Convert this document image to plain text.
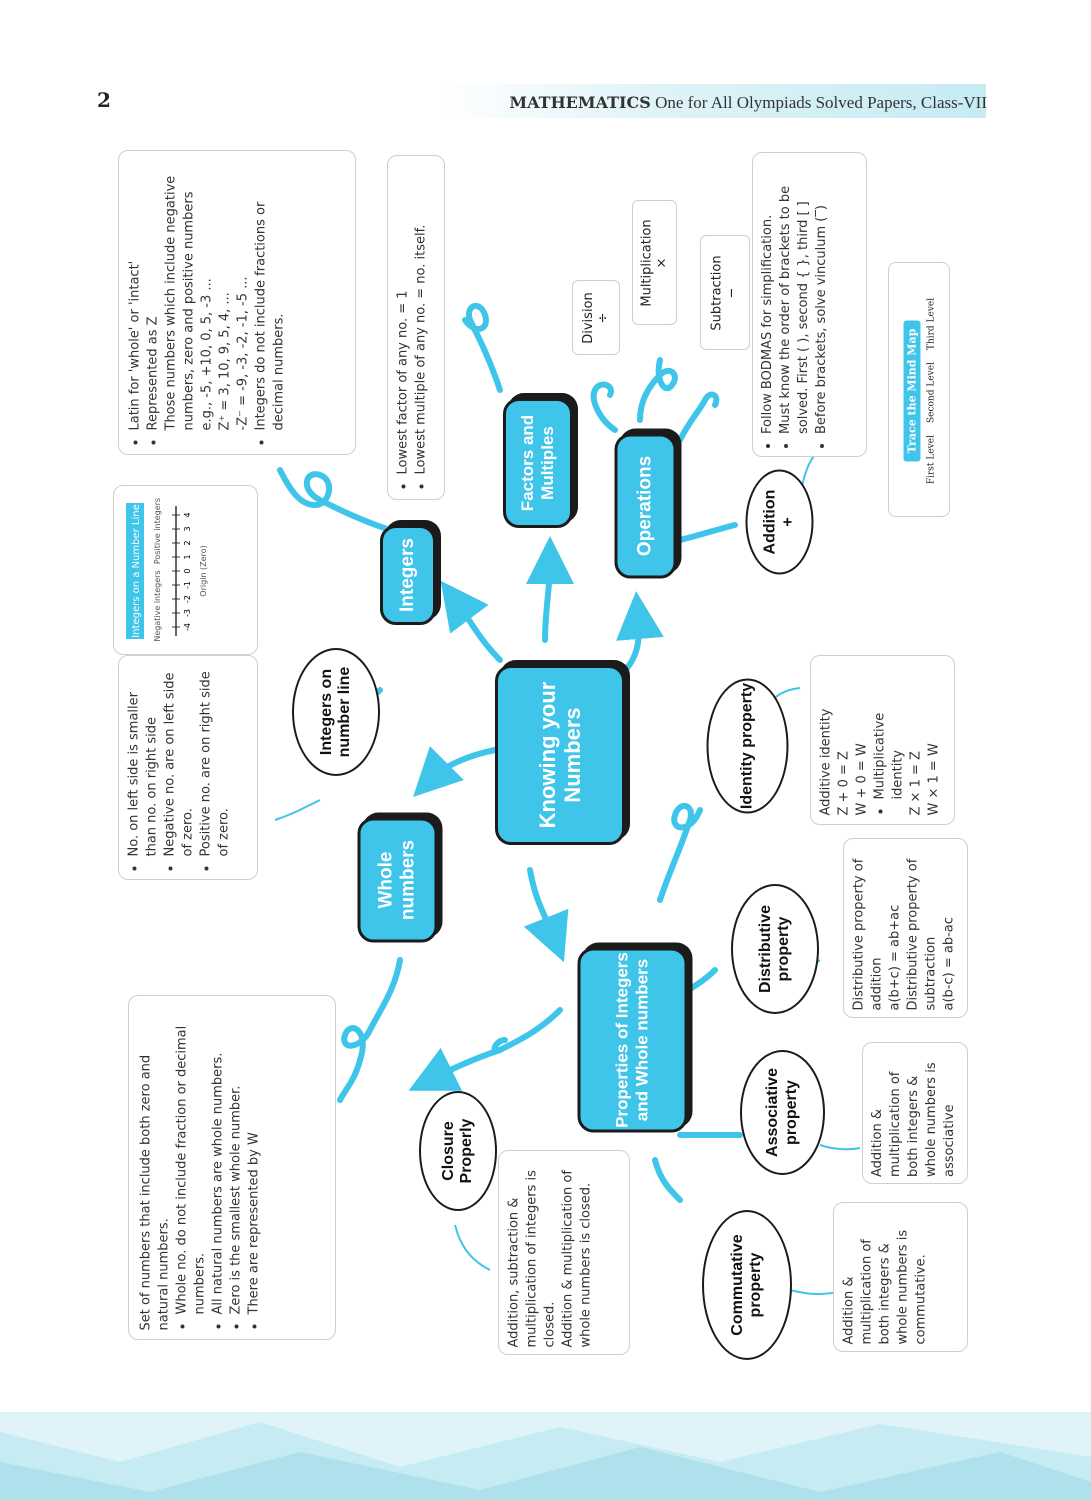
2	MATHEMATICS One for All Olympiads Solved Papers, Class-VII
Knowing your Numbers
Integers
Factors and Multiples	Operations
Whole numbers
Properties of Integers and Whole numbers
Integers on number line
Addition +
Identity property
Distributive property
Associative property
Closure Properly
Commutative property
• Latin for 'whole' or 'intact' • Represented as Z Those numbers which include negative numbers, zero and positive numbers e.g., -5, +10, 0, 5, -3 ... Z⁺ = 3, 10, 9, 5, 4, ... -Z⁻ = -9, -3, -2, -1, -5 ... • Integers do not include fractions or decimal numbers.	• Lowest factor of any no. = 1 • Lowest multiple of any no. = no. itself.
Integers on a Number Line Negative integers
Positive integers
-4
-3
-2
-1
0
1
2
3
4
Origin (Zero)
• No. on left side is smaller than no. on right side • Negative no. are on left side of zero. • Positive no. are on right side of zero.
Division ÷
Multiplication ×	Subtraction − • Follow BODMAS for simplification. • Must know the order of brackets to be solved. First ( ), second { }, third [ ] • Before brackets, solve vinculum (‾)	Trace the Mind Map
First Level
Second Level
Third Level
Additive identity Z + 0 = Z W + 0 = W • Multiplicative identity Z × 1 = Z W × 1 = W
Distributive property of addition a(b+c) = ab+ac Distributive property of subtraction a(b-c) = ab-ac
Addition & multiplication of both integers & whole numbers is associative
Addition & multiplication of both integers & whole numbers is commutative.
Addition, subtraction & multiplication of integers is closed. Addition & multiplication of whole numbers is closed.
Set of numbers that include both zero and natural numbers. • Whole no. do not include fraction or decimal numbers. • All natural numbers are whole numbers. • Zero is the smallest whole number. • There are represented by W
